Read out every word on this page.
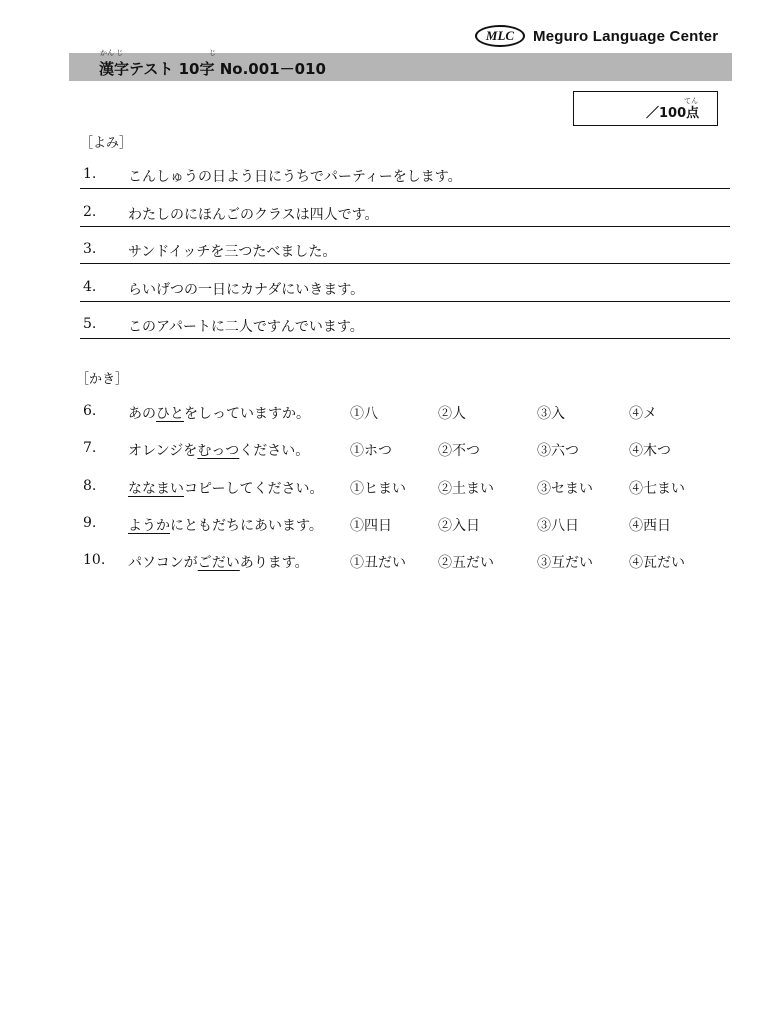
MLC	Meguro Language Center
かん じ	じ
漢字テスト 10字 No.001－010
てん
／100点
［よみ］
1. こんしゅうの日よう日にうちでパーティーをします。
2. わたしのにほんごのクラスは四人です。
3. サンドイッチを三つたべました。
4. らいげつの一日にカナダにいきます。
5. このアパートに二人ですんでいます。
［かき］
6. あのひとをしっていますか。	①八	②人	③入	④メ
7. オレンジをむっつください。	①ホつ	②不つ	③六つ	④木つ
8. ななまいコピーしてください。 ①ヒまい ②土まい	③セまい	④七まい
9. ようかにともだちにあいます。 ①四日	②入日	③八日	④西日
10. パソコンがごだいあります。	①丑だい ②五だい	③互だい	④瓦だい
